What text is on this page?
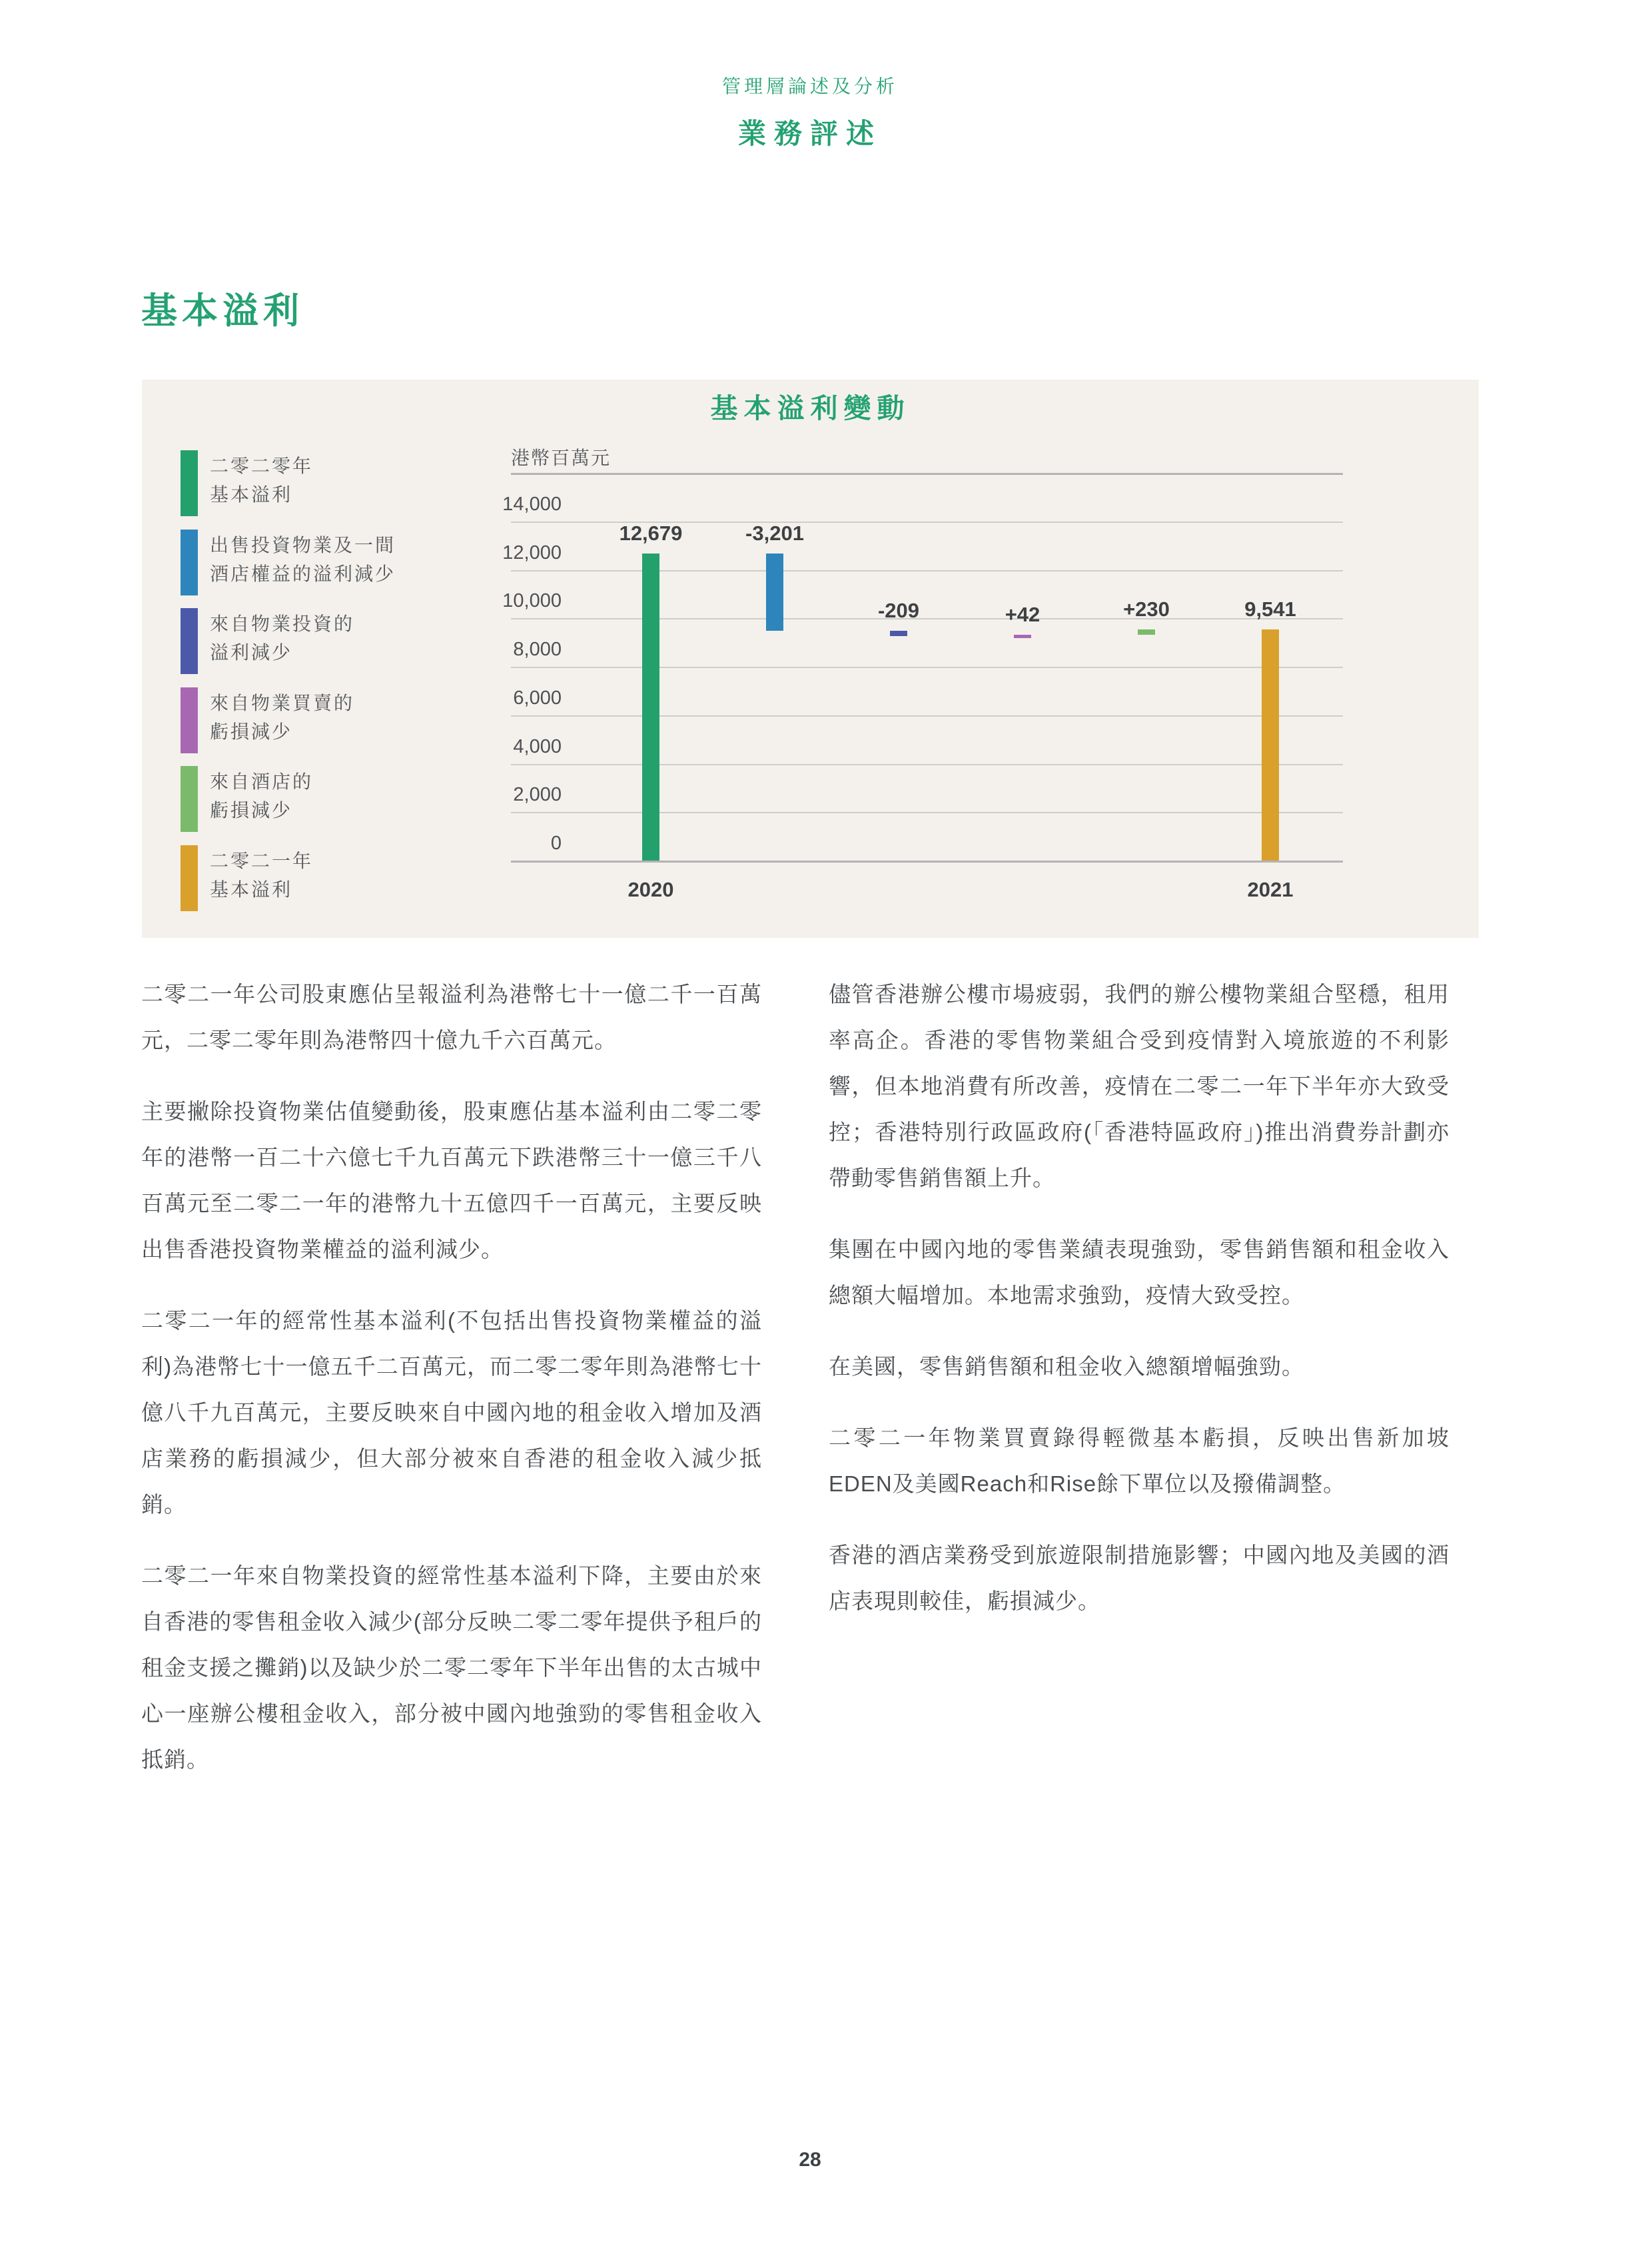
管理層論述及分析
業務評述
基本溢利
基本溢利變動
港幣百萬元
二零二零年
基本溢利
出售投資物業及一間
酒店權益的溢利減少
來自物業投資的
溢利減少
來自物業買賣的
虧損減少
來自酒店的
虧損減少
二零二一年
基本溢利
14,000
12,000
10,000
8,000
6,000
4,000
2,000
0
12,679
2020
-3,201
-209	+42	+230	9,541
2021

二零二一年公司股東應佔呈報溢利為港幣七十一億二千一百萬元，二零二零年則為港幣四十億九千六百萬元。

主要撇除投資物業估值變動後，股東應佔基本溢利由二零二零年的港幣一百二十六億七千九百萬元下跌港幣三十一億三千八百萬元至二零二一年的港幣九十五億四千一百萬元，主要反映出售香港投資物業權益的溢利減少。

二零二一年的經常性基本溢利(不包括出售投資物業權益的溢利)為港幣七十一億五千二百萬元，而二零二零年則為港幣七十億八千九百萬元，主要反映來自中國內地的租金收入增加及酒店業務的虧損減少，但大部分被來自香港的租金收入減少抵銷。

二零二一年來自物業投資的經常性基本溢利下降，主要由於來自香港的零售租金收入減少(部分反映二零二零年提供予租戶的租金支援之攤銷)以及缺少於二零二零年下半年出售的太古城中心一座辦公樓租金收入，部分被中國內地強勁的零售租金收入抵銷。

儘管香港辦公樓市場疲弱，我們的辦公樓物業組合堅穩，租用率高企。香港的零售物業組合受到疫情對入境旅遊的不利影響，但本地消費有所改善，疫情在二零二一年下半年亦大致受控；香港特別行政區政府(「香港特區政府」)推出消費券計劃亦帶動零售銷售額上升。

集團在中國內地的零售業績表現強勁，零售銷售額和租金收入總額大幅增加。本地需求強勁，疫情大致受控。

在美國，零售銷售額和租金收入總額增幅強勁。

二零二一年物業買賣錄得輕微基本虧損，反映出售新加坡EDEN及美國Reach和Rise餘下單位以及撥備調整。

香港的酒店業務受到旅遊限制措施影響；中國內地及美國的酒店表現則較佳，虧損減少。

28
